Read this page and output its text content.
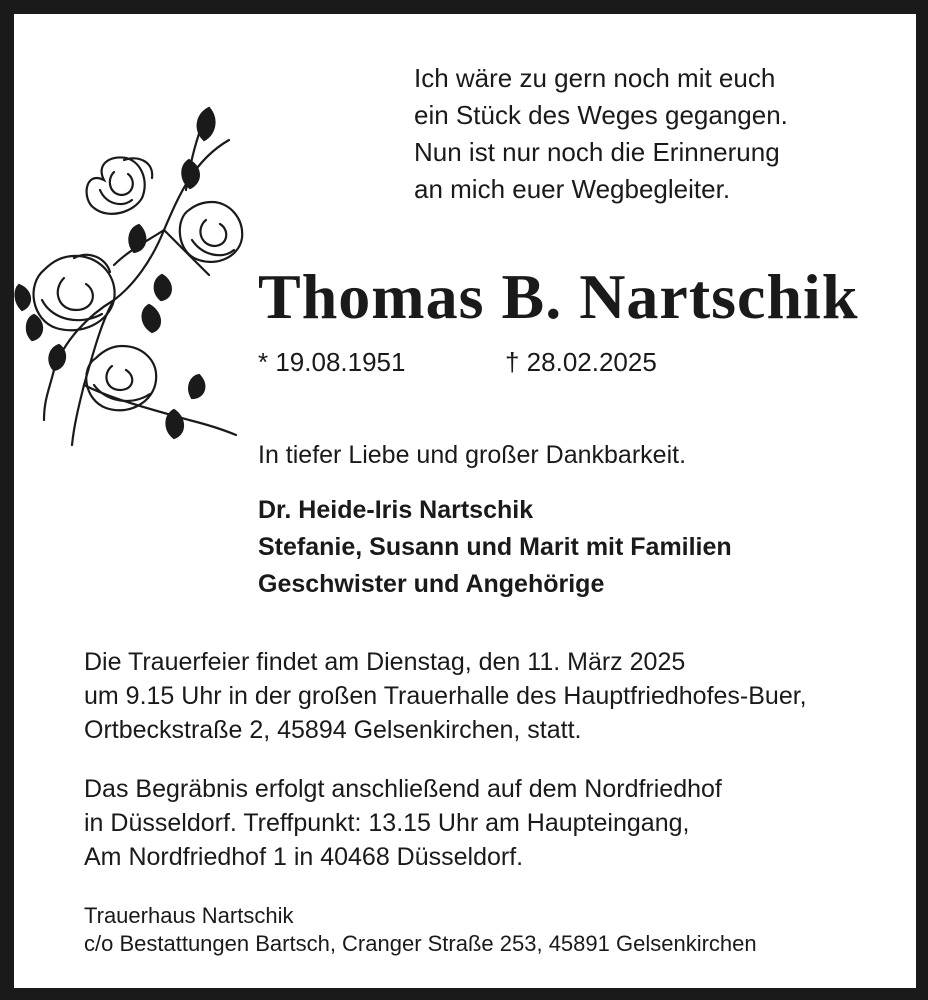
Ich wäre zu gern noch mit euch
ein Stück des Weges gegangen.
Nun ist nur noch die Erinnerung
an mich euer Wegbegleiter.
Thomas B. Nartschik
* 19.08.1951	† 28.02.2025
In tiefer Liebe und großer Dankbarkeit.
Dr. Heide-Iris Nartschik
Stefanie, Susann und Marit mit Familien
Geschwister und Angehörige
Die Trauerfeier findet am Dienstag, den 11. März 2025
um 9.15 Uhr in der großen Trauerhalle des Hauptfriedhofes-Buer,
Ortbeckstraße 2, 45894 Gelsenkirchen, statt.
Das Begräbnis erfolgt anschließend auf dem Nordfriedhof
in Düsseldorf. Treffpunkt: 13.15 Uhr am Haupteingang,
Am Nordfriedhof 1 in 40468 Düsseldorf.
Trauerhaus Nartschik
c/o Bestattungen Bartsch, Cranger Straße 253, 45891 Gelsenkirchen
